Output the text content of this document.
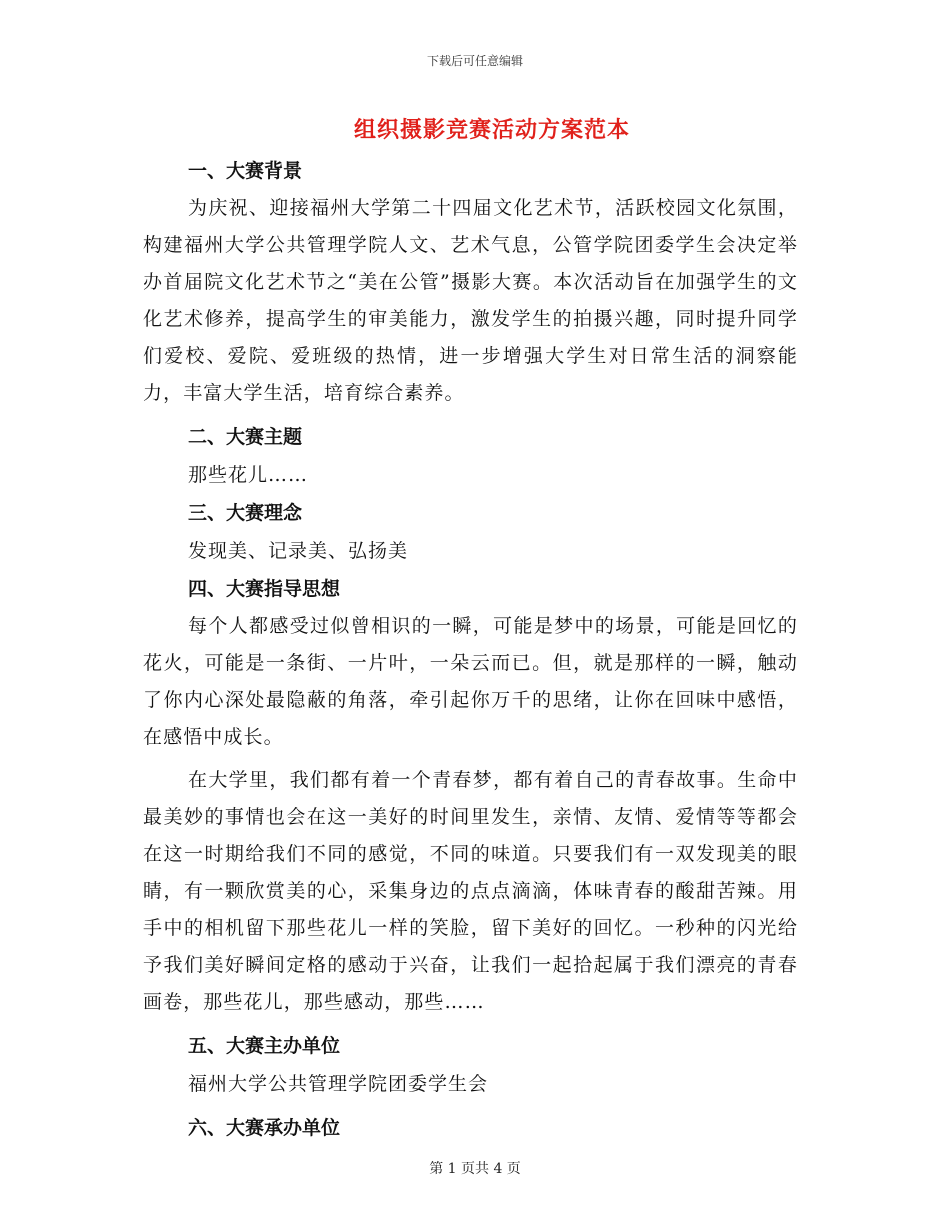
下载后可任意编辑
组织摄影竞赛活动方案范本
一、大赛背景
为庆祝、迎接福州大学第二十四届文化艺术节，活跃校园文化氛围，构建福州大学公共管理学院人文、艺术气息，公管学院团委学生会决定举办首届院文化艺术节之“美在公管”摄影大赛。本次活动旨在加强学生的文化艺术修养，提高学生的审美能力，激发学生的拍摄兴趣，同时提升同学们爱校、爱院、爱班级的热情，进一步增强大学生对日常生活的洞察能力，丰富大学生活，培育综合素养。
二、大赛主题
那些花儿……
三、大赛理念
发现美、记录美、弘扬美
四、大赛指导思想
每个人都感受过似曾相识的一瞬，可能是梦中的场景，可能是回忆的花火，可能是一条街、一片叶，一朵云而已。但，就是那样的一瞬，触动了你内心深处最隐蔽的角落，牵引起你万千的思绪，让你在回味中感悟，在感悟中成长。
在大学里，我们都有着一个青春梦，都有着自己的青春故事。生命中最美妙的事情也会在这一美好的时间里发生，亲情、友情、爱情等等都会在这一时期给我们不同的感觉，不同的味道。只要我们有一双发现美的眼睛，有一颗欣赏美的心，采集身边的点点滴滴，体味青春的酸甜苦辣。用手中的相机留下那些花儿一样的笑脸，留下美好的回忆。一秒种的闪光给予我们美好瞬间定格的感动于兴奋，让我们一起拾起属于我们漂亮的青春画卷，那些花儿，那些感动，那些……
五、大赛主办单位
福州大学公共管理学院团委学生会
六、大赛承办单位
第 1 页共 4 页
